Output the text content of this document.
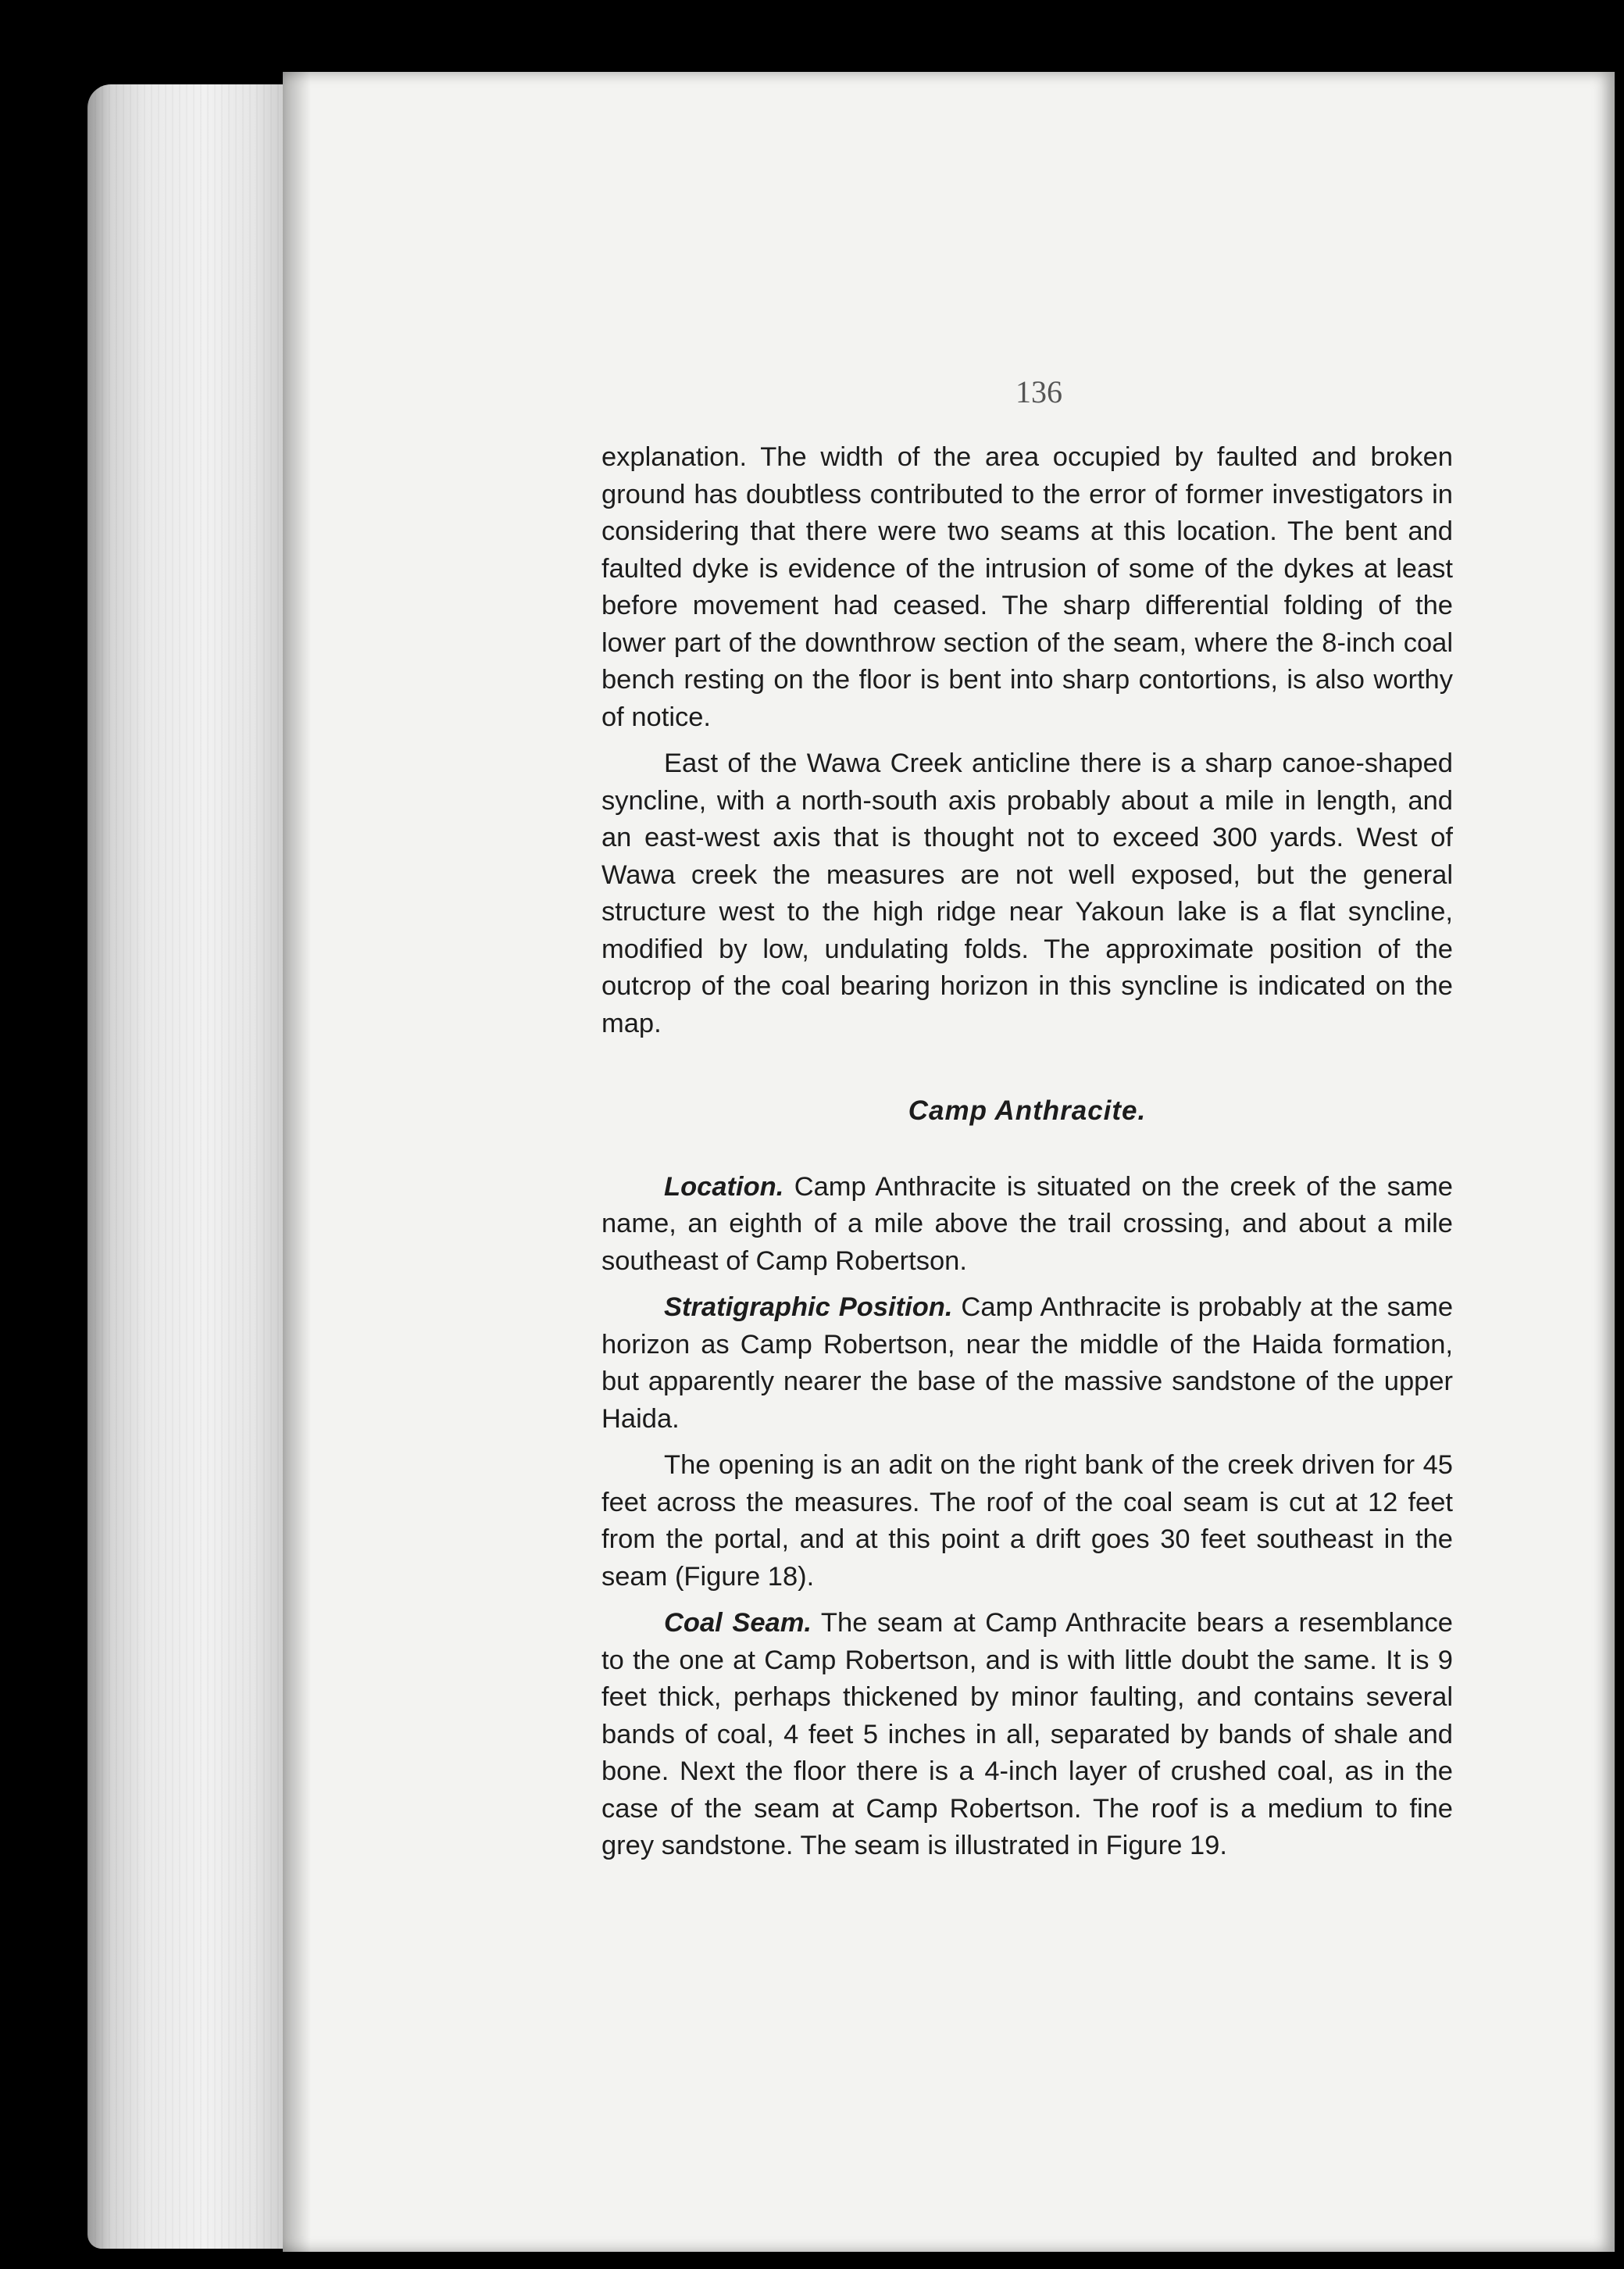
136

explanation. The width of the area occupied by faulted and broken ground has doubtless contributed to the error of former investigators in considering that there were two seams at this location. The bent and faulted dyke is evidence of the intrusion of some of the dykes at least before movement had ceased. The sharp differential folding of the lower part of the downthrow section of the seam, where the 8-inch coal bench resting on the floor is bent into sharp contortions, is also worthy of notice.

East of the Wawa Creek anticline there is a sharp canoe-shaped syncline, with a north-south axis probably about a mile in length, and an east-west axis that is thought not to exceed 300 yards. West of Wawa creek the measures are not well exposed, but the general structure west to the high ridge near Yakoun lake is a flat syncline, modified by low, undulating folds. The approximate position of the outcrop of the coal bearing horizon in this syncline is indicated on the map.

Camp Anthracite.

Location. Camp Anthracite is situated on the creek of the same name, an eighth of a mile above the trail crossing, and about a mile southeast of Camp Robertson.

Stratigraphic Position. Camp Anthracite is probably at the same horizon as Camp Robertson, near the middle of the Haida formation, but apparently nearer the base of the massive sandstone of the upper Haida.

The opening is an adit on the right bank of the creek driven for 45 feet across the measures. The roof of the coal seam is cut at 12 feet from the portal, and at this point a drift goes 30 feet southeast in the seam (Figure 18).

Coal Seam. The seam at Camp Anthracite bears a resemblance to the one at Camp Robertson, and is with little doubt the same. It is 9 feet thick, perhaps thickened by minor faulting, and contains several bands of coal, 4 feet 5 inches in all, separated by bands of shale and bone. Next the floor there is a 4-inch layer of crushed coal, as in the case of the seam at Camp Robertson. The roof is a medium to fine grey sandstone. The seam is illustrated in Figure 19.
